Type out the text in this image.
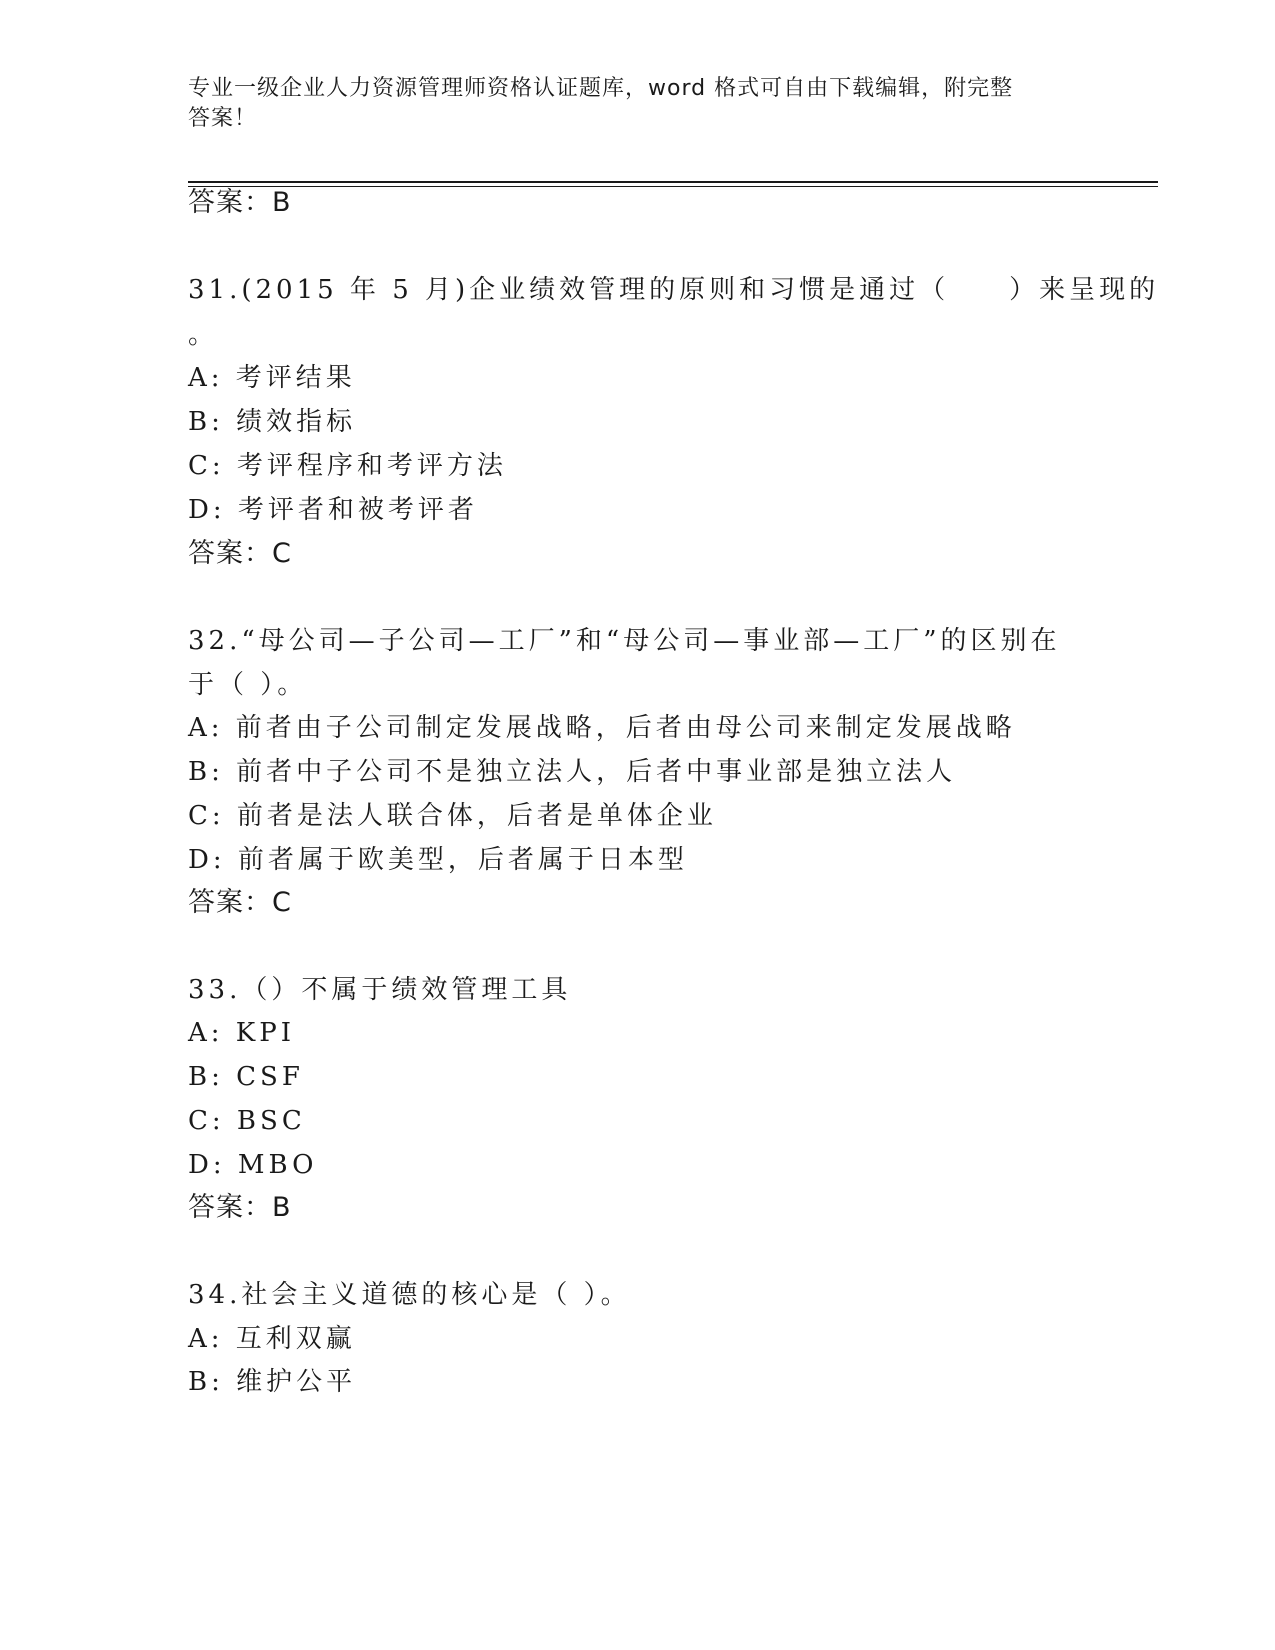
专业一级企业人力资源管理师资格认证题库，word 格式可自由下载编辑，附完整
答案！
答案：B
31.(2015 年 5 月)企业绩效管理的原则和习惯是通过（　　）来呈现的
。
A: 考评结果
B: 绩效指标
C: 考评程序和考评方法
D: 考评者和被考评者
答案：C
32.“母公司—子公司—工厂”和“母公司—事业部—工厂”的区别在
于（ ）。
A: 前者由子公司制定发展战略，后者由母公司来制定发展战略
B: 前者中子公司不是独立法人，后者中事业部是独立法人
C: 前者是法人联合体，后者是单体企业
D: 前者属于欧美型，后者属于日本型
答案：C
33.（）不属于绩效管理工具
A: KPI
B: CSF
C: BSC
D: MBO
答案：B
34.社会主义道德的核心是（ ）。
A: 互利双赢
B: 维护公平
